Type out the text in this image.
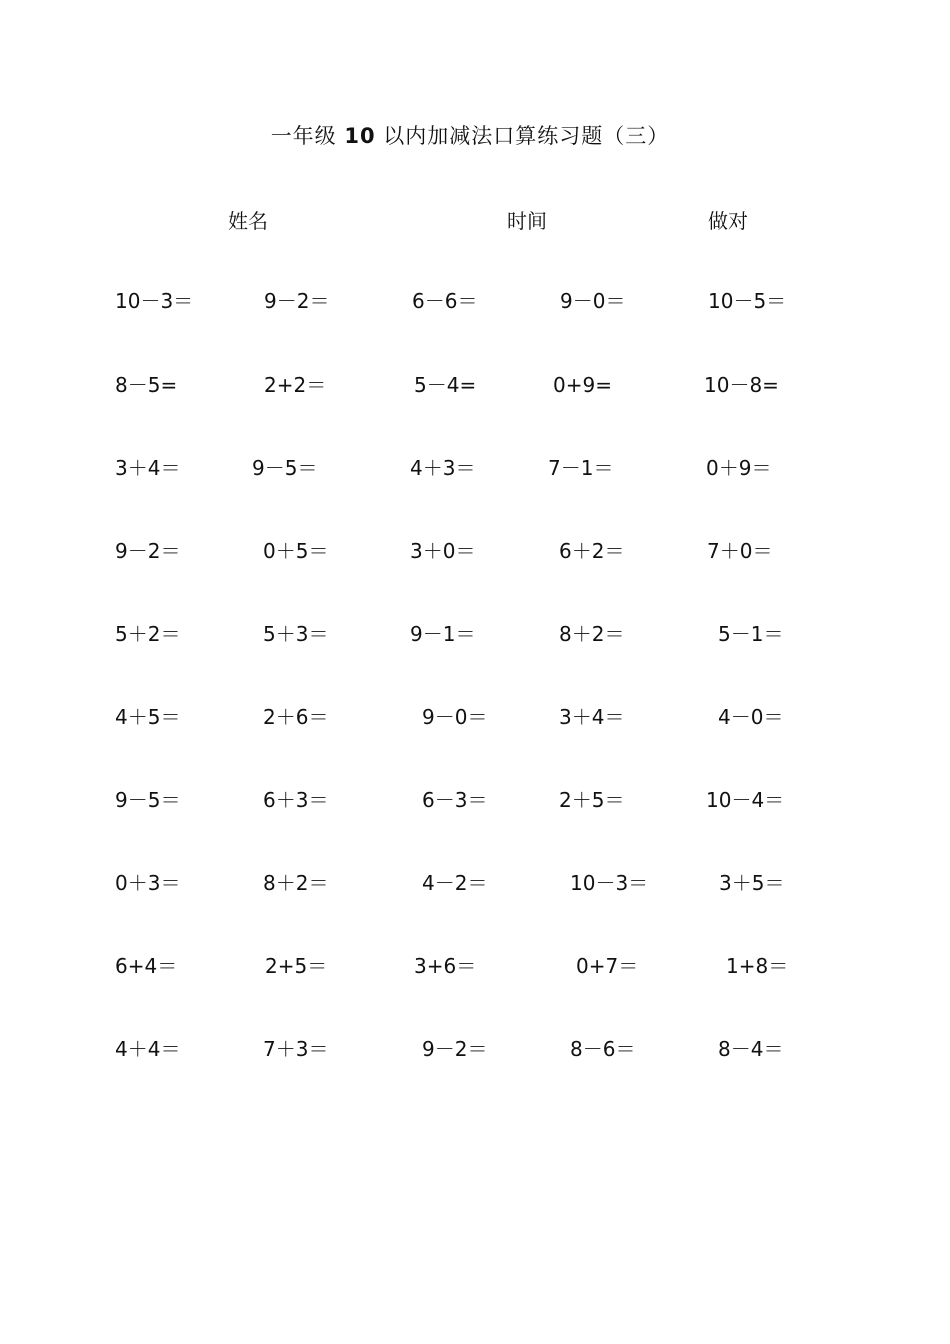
一年级 10 以内加减法口算练习题（三）
姓名	时间	做对
10－3＝	9－2＝	6－6＝	9－0＝	10－5＝
8－5=	2+2＝	5－4=	0+9=	10－8=
3＋4＝	9－5＝	4＋3＝	7－1＝	0＋9＝
9－2＝	0＋5＝	3＋0＝	6＋2＝	7＋0＝
5＋2＝	5＋3＝	9－1＝	8＋2＝	5－1＝
4＋5＝	2＋6＝	9－0＝	3＋4＝	4－0＝
9－5＝	6＋3＝	6－3＝	2＋5＝	10－4＝
0＋3＝	8＋2＝	4－2＝	10－3＝	3＋5＝
6+4＝	2+5＝	3+6＝	0+7＝	1+8＝
4＋4＝	7＋3＝	9－2＝	8－6＝	8－4＝
